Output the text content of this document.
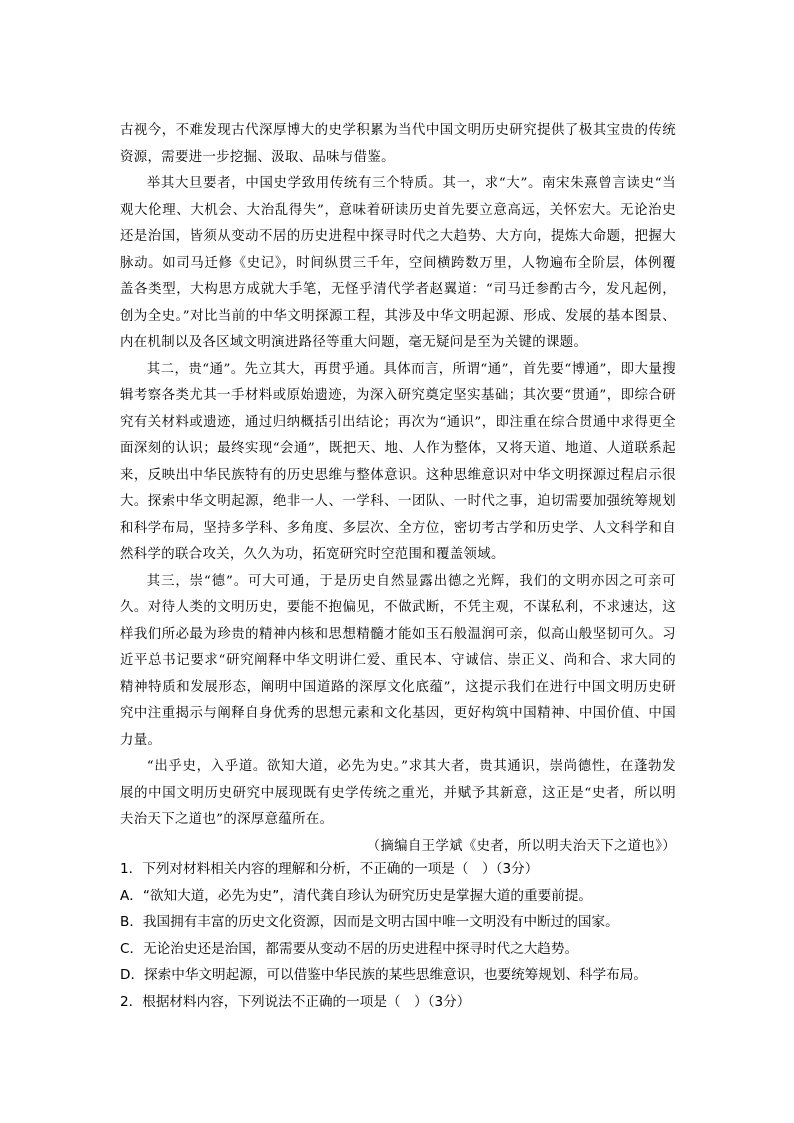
古视今，不难发现古代深厚博大的史学积累为当代中国文明历史研究提供了极其宝贵的传统资源，需要进一步挖掘、汲取、品味与借鉴。

举其大旦要者，中国史学致用传统有三个特质。其一，求“大”。南宋朱熹曾言读史“当观大伦理、大机会、大治乱得失”，意味着研读历史首先要立意高远，关怀宏大。无论治史还是治国，皆须从变动不居的历史进程中探寻时代之大趋势、大方向，提炼大命题，把握大脉动。如司马迁修《史记》，时间纵贯三千年，空间横跨数万里，人物遍布全阶层，体例覆盖各类型，大构思方成就大手笔，无怪乎清代学者赵翼道：“司马迁参酌古今，发凡起例，创为全史。”对比当前的中华文明探源工程，其涉及中华文明起源、形成、发展的基本图景、内在机制以及各区域文明演进路径等重大问题，毫无疑问是至为关键的课题。

其二，贵“通”。先立其大，再贯乎通。具体而言，所谓“通”，首先要“博通”，即大量搜辑考察各类尤其一手材料或原始遗迹，为深入研究奠定坚实基础；其次要“贯通”，即综合研究有关材料或遗迹，通过归纳概括引出结论；再次为“通识”，即注重在综合贯通中求得更全面深刻的认识；最终实现“会通”，既把天、地、人作为整体，又将天道、地道、人道联系起来，反映出中华民族特有的历史思维与整体意识。这种思维意识对中华文明探源过程启示很大。探索中华文明起源，绝非一人、一学科、一团队、一时代之事，迫切需要加强统筹规划和科学布局，坚持多学科、多角度、多层次、全方位，密切考古学和历史学、人文科学和自然科学的联合攻关，久久为功，拓宽研究时空范围和覆盖领域。

其三，崇“德”。可大可通，于是历史自然显露出德之光辉，我们的文明亦因之可亲可久。对待人类的文明历史，要能不抱偏见，不做武断，不凭主观，不谋私利，不求速达，这样我们所必最为珍贵的精神内核和思想精髓才能如玉石般温润可亲，似高山般坚韧可久。习近平总书记要求“研究阐释中华文明讲仁爱、重民本、守诚信、崇正义、尚和合、求大同的精神特质和发展形态，阐明中国道路的深厚文化底蕴”，这提示我们在进行中国文明历史研究中注重揭示与阐释自身优秀的思想元素和文化基因，更好构筑中国精神、中国价值、中国力量。

“出乎史，入乎道。欲知大道，必先为史。”求其大者，贵其通识，崇尚德性，在蓬勃发展的中国文明历史研究中展现既有史学传统之重光，并赋予其新意，这正是“史者，所以明夫治天下之道也”的深厚意蕴所在。

（摘编自王学斌《史者，所以明夫治天下之道也》）

1．下列对材料相关内容的理解和分析，不正确的一项是（　）（3分）

A．“欲知大道，必先为史”，清代龚自珍认为研究历史是掌握大道的重要前提。

B．我国拥有丰富的历史文化资源，因而是文明古国中唯一文明没有中断过的国家。

C．无论治史还是治国，都需要从变动不居的历史进程中探寻时代之大趋势。

D．探索中华文明起源，可以借鉴中华民族的某些思维意识，也要统筹规划、科学布局。

2．根据材料内容，下列说法不正确的一项是（　）（3分）
